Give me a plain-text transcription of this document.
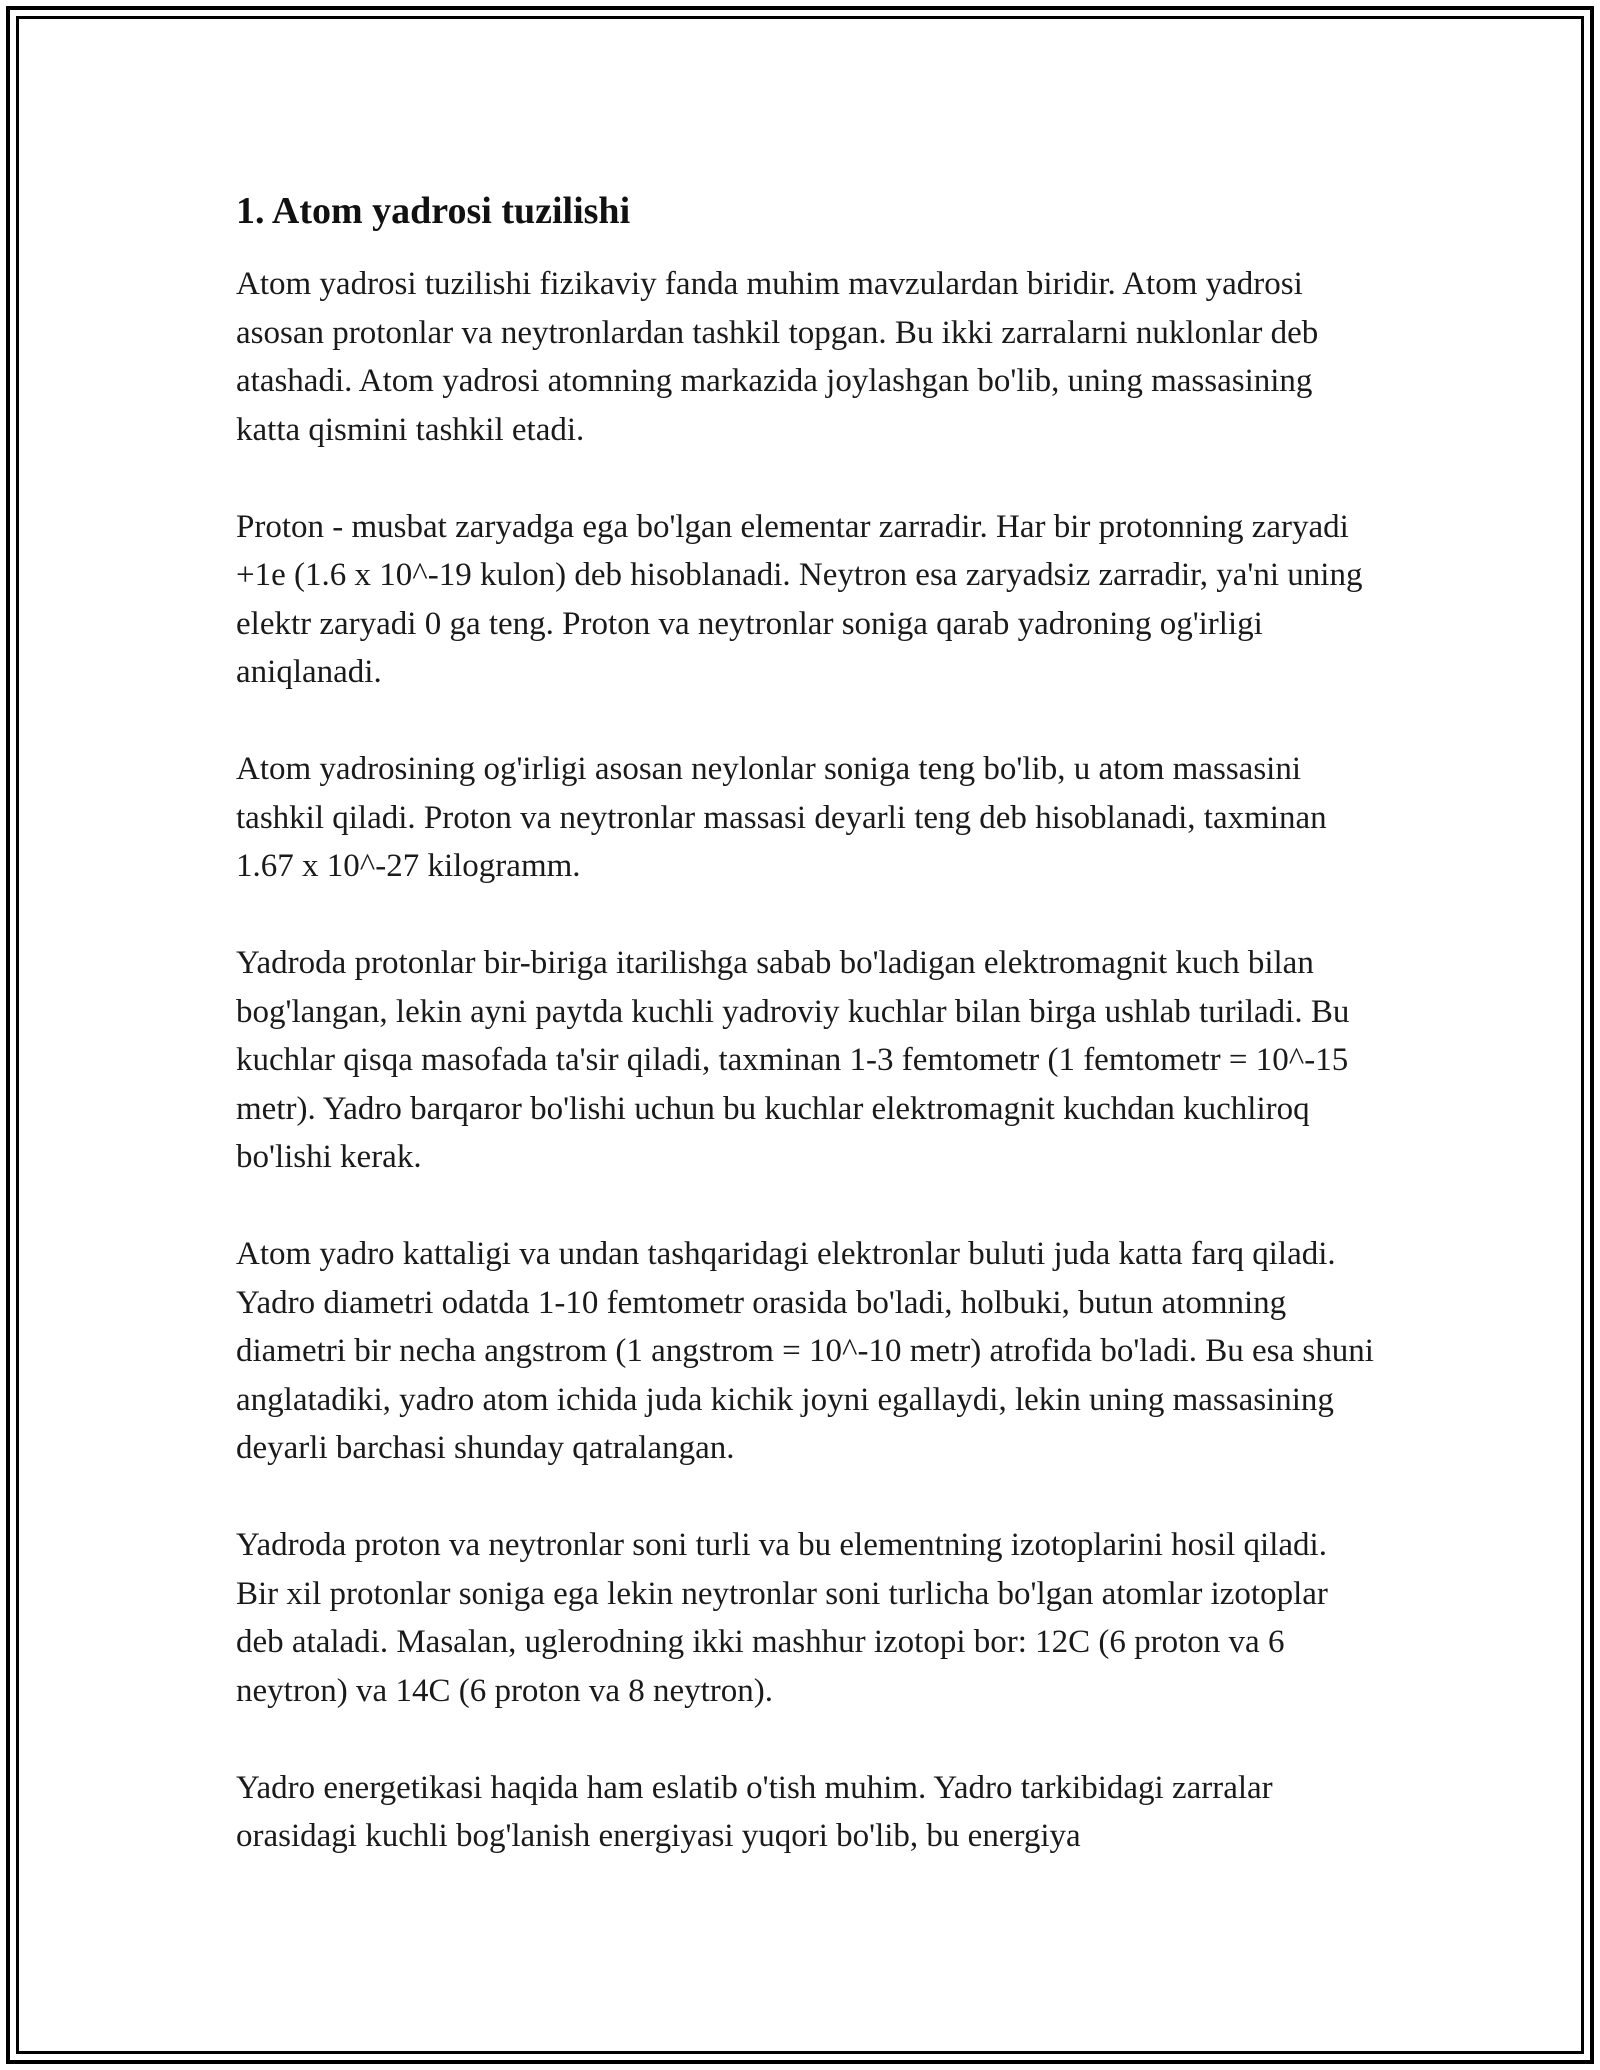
1. Atom yadrosi tuzilishi

Atom yadrosi tuzilishi fizikaviy fanda muhim mavzulardan biridir. Atom yadrosi asosan protonlar va neytronlardan tashkil topgan. Bu ikki zarralarni nuklonlar deb atashadi. Atom yadrosi atomning markazida joylashgan bo'lib, uning massasining katta qismini tashkil etadi.

Proton - musbat zaryadga ega bo'lgan elementar zarradir. Har bir protonning zaryadi +1e (1.6 x 10^-19 kulon) deb hisoblanadi. Neytron esa zaryadsiz zarradir, ya'ni uning elektr zaryadi 0 ga teng. Proton va neytronlar soniga qarab yadroning og'irligi aniqlanadi.

Atom yadrosining og'irligi asosan neylonlar soniga teng bo'lib, u atom massasini tashkil qiladi. Proton va neytronlar massasi deyarli teng deb hisoblanadi, taxminan 1.67 x 10^-27 kilogramm.

Yadroda protonlar bir-biriga itarilishga sabab bo'ladigan elektromagnit kuch bilan bog'langan, lekin ayni paytda kuchli yadroviy kuchlar bilan birga ushlab turiladi. Bu kuchlar qisqa masofada ta'sir qiladi, taxminan 1-3 femtometr (1 femtometr = 10^-15 metr). Yadro barqaror bo'lishi uchun bu kuchlar elektromagnit kuchdan kuchliroq bo'lishi kerak.

Atom yadro kattaligi va undan tashqaridagi elektronlar buluti juda katta farq qiladi. Yadro diametri odatda 1-10 femtometr orasida bo'ladi, holbuki, butun atomning diametri bir necha angstrom (1 angstrom = 10^-10 metr) atrofida bo'ladi. Bu esa shuni anglatadiki, yadro atom ichida juda kichik joyni egallaydi, lekin uning massasining deyarli barchasi shunday qatralangan.

Yadroda proton va neytronlar soni turli va bu elementning izotoplarini hosil qiladi. Bir xil protonlar soniga ega lekin neytronlar soni turlicha bo'lgan atomlar izotoplar deb ataladi. Masalan, uglerodning ikki mashhur izotopi bor: 12C (6 proton va 6 neytron) va 14C (6 proton va 8 neytron).

Yadro energetikasi haqida ham eslatib o'tish muhim. Yadro tarkibidagi zarralar orasidagi kuchli bog'lanish energiyasi yuqori bo'lib, bu energiya
